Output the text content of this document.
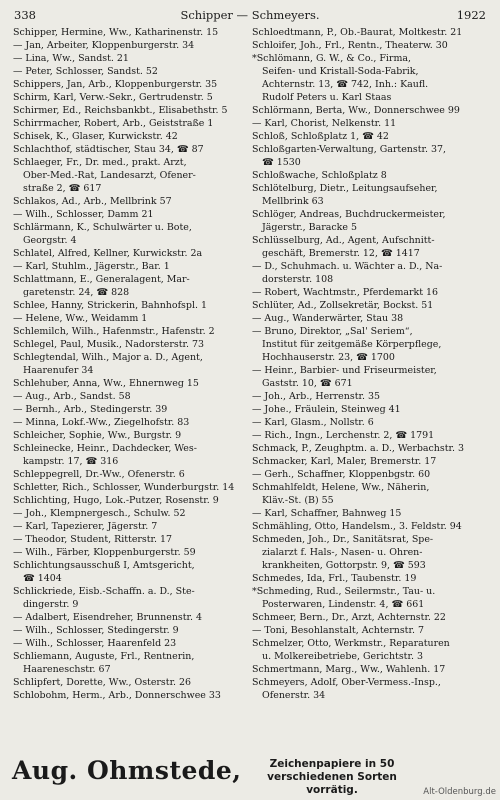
338	Schipper — Schmeyers.	1922
Schipper, Hermine, Ww., Katharinenstr. 15
— Jan, Arbeiter, Kloppenburgerstr. 34
— Lina, Ww., Sandst. 21
— Peter, Schlosser, Sandst. 52
Schippers, Jan, Arb., Kloppenburgerstr. 35
Schirm, Karl, Verw.-Sekr., Gertrudenstr. 5
Schirmer, Ed., Reichsbankbt., Elisabethstr. 5
Schirrmacher, Robert, Arb., Geiststraße 1
Schisek, K., Glaser, Kurwickstr. 42
Schlachthof, städtischer, Stau 34, ☎ 87
Schlaeger, Fr., Dr. med., prakt. Arzt,
Ober-Med.-Rat, Landesarzt, Ofener-
straße 2, ☎ 617
Schlakos, Ad., Arb., Mellbrink 57
— Wilh., Schlosser, Damm 21
Schlärmann, K., Schulwärter u. Bote,
Georgstr. 4
Schlatel, Alfred, Kellner, Kurwickstr. 2a
— Karl, Stuhlm., Jägerstr., Bar. 1
Schlattmann, E., Generalagent, Mar-
garetenstr. 24, ☎ 828
Schlee, Hanny, Strickerin, Bahnhofspl. 1
— Helene, Ww., Weidamm 1
Schlemilch, Wilh., Hafenmstr., Hafenstr. 2
Schlegel, Paul, Musik., Nadorsterstr. 73
Schlegtendal, Wilh., Major a. D., Agent,
Haarenufer 34
Schlehuber, Anna, Ww., Ehnernweg 15
— Aug., Arb., Sandst. 58
— Bernh., Arb., Stedingerstr. 39
— Minna, Lokf.-Ww., Ziegelhofstr. 83
Schleicher, Sophie, Ww., Burgstr. 9
Schleinecke, Heinr., Dachdecker, Wes-
kampstr. 17, ☎ 316
Schleppegrell, Dr.-Ww., Ofenerstr. 6
Schletter, Rich., Schlosser, Wunderburgstr. 14
Schlichting, Hugo, Lok.-Putzer, Rosenstr. 9
— Joh., Klempnergesch., Schulw. 52
— Karl, Tapezierer, Jägerstr. 7
— Theodor, Student, Ritterstr. 17
— Wilh., Färber, Kloppenburgerstr. 59
Schlichtungsausschuß I, Amtsgericht,
☎ 1404
Schlickriede, Eisb.-Schaffn. a. D., Ste-
dingerstr. 9
— Adalbert, Eisendreher, Brunnenstr. 4
— Wilh., Schlosser, Stedingerstr. 9
— Wilh., Schlosser, Haarenfeld 23
Schliemann, Auguste, Frl., Rentnerin,
Haareneschstr. 67
Schlipfert, Dorette, Ww., Osterstr. 26
Schlobohm, Herm., Arb., Donnerschwee 33
Schloedtmann, P., Ob.-Baurat, Moltkestr. 21
Schloifer, Joh., Frl., Rentn., Theaterw. 30
*Schlömann, G. W., & Co., Firma,
Seifen- und Kristall-Soda-Fabrik,
Achternstr. 13, ☎ 742, Inh.: Kaufl.
Rudolf Peters u. Karl Staas
Schlörmann, Berta, Ww., Donnerschwee 99
— Karl, Chorist, Nelkenstr. 11
Schloß, Schloßplatz 1, ☎ 42
Schloßgarten-Verwaltung, Gartenstr. 37,
☎ 1530
Schloßwache, Schloßplatz 8
Schlötelburg, Dietr., Leitungsaufseher,
Mellbrink 63
Schlöger, Andreas, Buchdruckermeister,
Jägerstr., Baracke 5
Schlüsselburg, Ad., Agent, Aufschnitt-
geschäft, Bremerstr. 12, ☎ 1417
— D., Schuhmach. u. Wächter a. D., Na-
dorsterstr. 108
— Robert, Wachtmstr., Pferdemarkt 16
Schlüter, Ad., Zollsekretär, Bockst. 51
— Aug., Wanderwärter, Stau 38
— Bruno, Direktor, „Sal' Seriem“,
Institut für zeitgemäße Körperpflege,
Hochhauserstr. 23, ☎ 1700
— Heinr., Barbier- und Friseurmeister,
Gaststr. 10, ☎ 671
— Joh., Arb., Herrenstr. 35
— Johe., Fräulein, Steinweg 41
— Karl, Glasm., Nollstr. 6
— Rich., Ingn., Lerchenstr. 2, ☎ 1791
Schmack, P., Zeughptm. a. D., Werbachstr. 3
Schmacker, Karl, Maler, Bremerstr. 17
— Gerh., Schaffner, Kloppenbgstr. 60
Schmahlfeldt, Helene, Ww., Näherin,
Kläv.-St. (B) 55
— Karl, Schaffner, Bahnweg 15
Schmähling, Otto, Handelsm., 3. Feldstr. 94
Schmeden, Joh., Dr., Sanitätsrat, Spe-
zialarzt f. Hals-, Nasen- u. Ohren-
krankheiten, Gottorpstr. 9, ☎ 593
Schmedes, Ida, Frl., Taubenstr. 19
*Schmeding, Rud., Seilermstr., Tau- u.
Posterwaren, Lindenstr. 4, ☎ 661
Schmeer, Bern., Dr., Arzt, Achternstr. 22
— Toni, Besohlanstalt, Achternstr. 7
Schmelzer, Otto, Werkmstr., Reparaturen
u. Molkereibetriebe, Gerichtstr. 3
Schmertmann, Marg., Ww., Wahlenh. 17
Schmeyers, Adolf, Ober-Vermess.-Insp.,
Ofenerstr. 34
Aug. Ohmstede,	Zeichenpapiere in 50 verschiedenen Sorten
vorrätig.	Alt-Oldenburg.de
